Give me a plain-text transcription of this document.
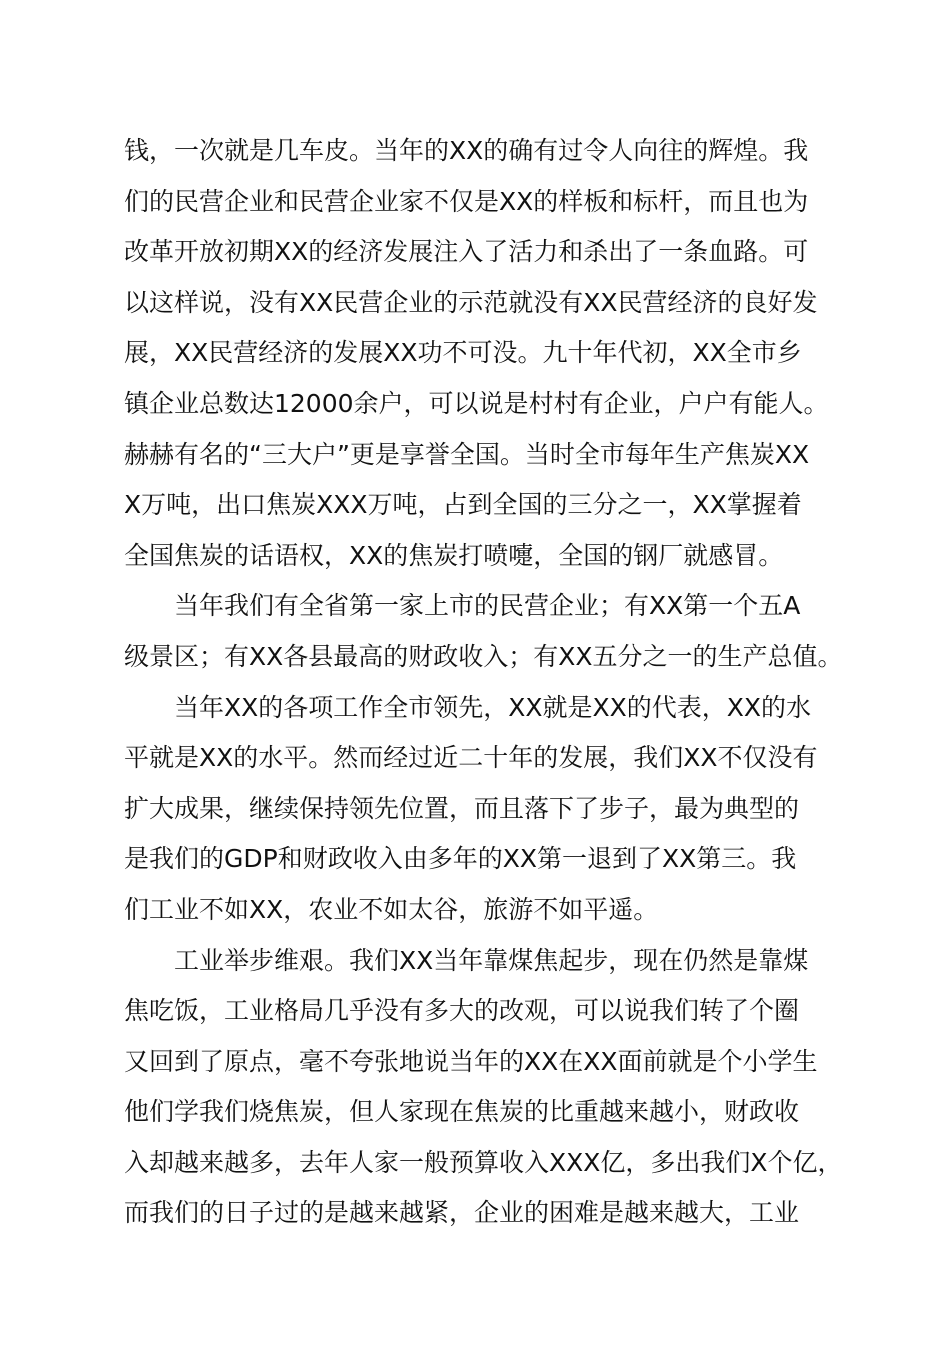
钱，一次就是几车皮。当年的XX的确有过令人向往的辉煌。我
们的民营企业和民营企业家不仅是XX的样板和标杆，而且也为
改革开放初期XX的经济发展注入了活力和杀出了一条血路。可
以这样说，没有XX民营企业的示范就没有XX民营经济的良好发
展，XX民营经济的发展XX功不可没。九十年代初，XX全市乡
镇企业总数达12000余户，可以说是村村有企业，户户有能人。
赫赫有名的“三大户”更是享誉全国。当时全市每年生产焦炭XX
X万吨，出口焦炭XXX万吨，占到全国的三分之一，XX掌握着
全国焦炭的话语权，XX的焦炭打喷嚏，全国的钢厂就感冒。
当年我们有全省第一家上市的民营企业；有XX第一个五A
级景区；有XX各县最高的财政收入；有XX五分之一的生产总值。
当年XX的各项工作全市领先，XX就是XX的代表，XX的水
平就是XX的水平。然而经过近二十年的发展，我们XX不仅没有
扩大成果，继续保持领先位置，而且落下了步子，最为典型的
是我们的GDP和财政收入由多年的XX第一退到了XX第三。我
们工业不如XX，农业不如太谷，旅游不如平遥。
工业举步维艰。我们XX当年靠煤焦起步，现在仍然是靠煤
焦吃饭，工业格局几乎没有多大的改观，可以说我们转了个圈
又回到了原点，毫不夸张地说当年的XX在XX面前就是个小学生
他们学我们烧焦炭，但人家现在焦炭的比重越来越小，财政收
入却越来越多，去年人家一般预算收入XXX亿，多出我们X个亿，
而我们的日子过的是越来越紧，企业的困难是越来越大，工业
